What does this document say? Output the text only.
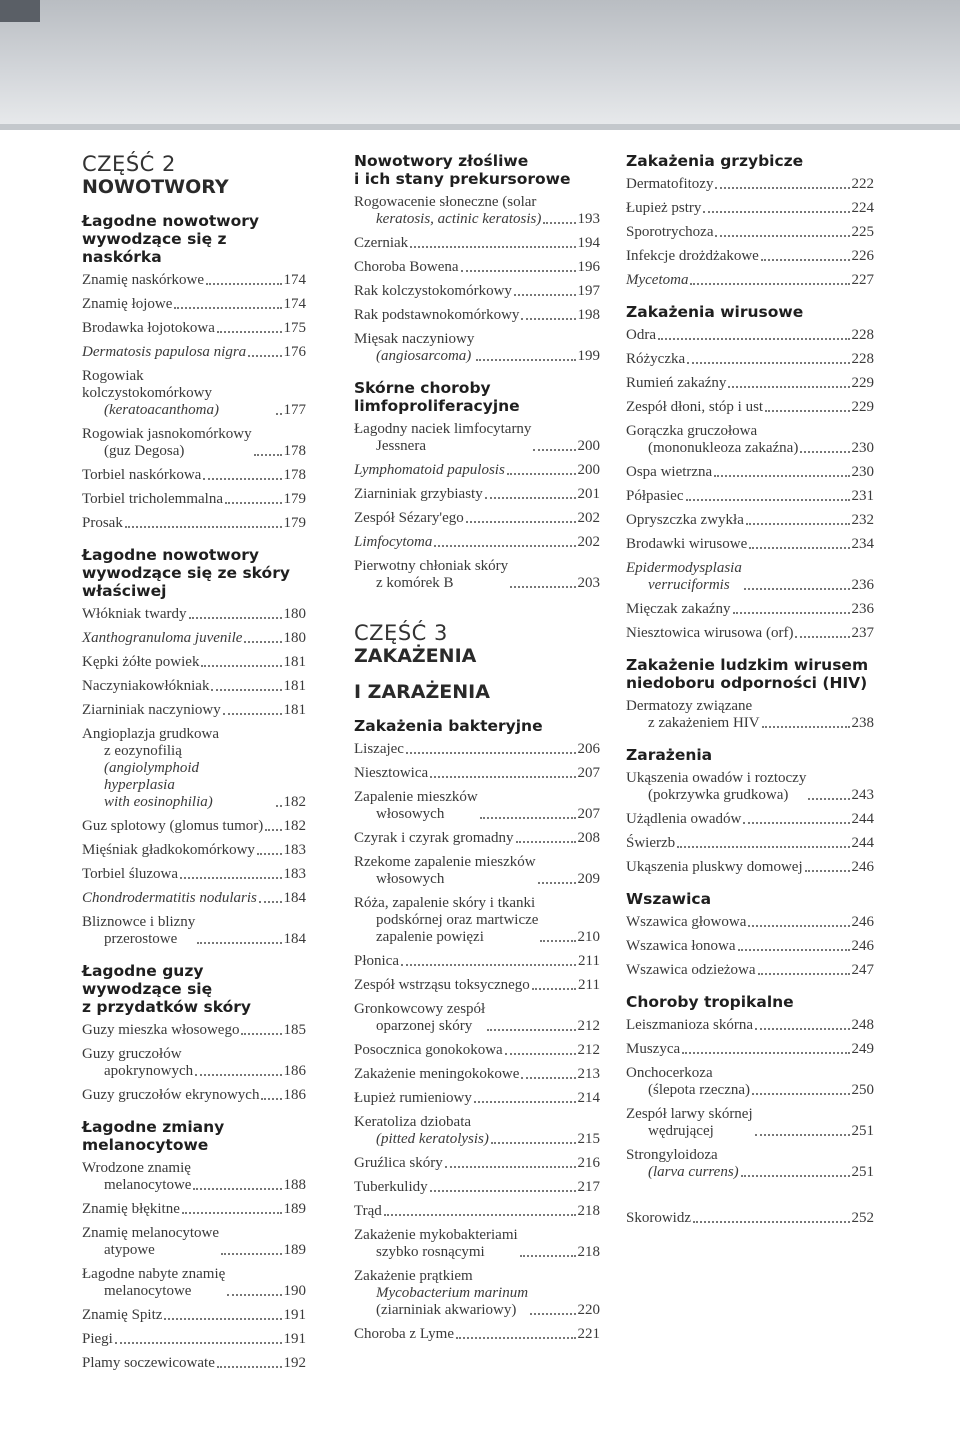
CZĘŚĆ 2
NOWOTWORY
Łagodne nowotwory
wywodzące się z naskórka
Znamię naskórkowe	174
Znamię łojowe	174
Brodawka łojotokowa	175
Dermatosis papulosa nigra 176
Rogowiak kolczystokomórkowy
(keratoacanthoma)	177
Rogowiak jasnokomórkowy
(guz Degosa)	178
Torbiel naskórkowa	178
Torbiel tricholemmalna	179
Prosak	179
Łagodne nowotwory
wywodzące się ze skóry
właściwej
Włókniak twardy	180
Xanthogranuloma juvenile	180
Kępki żółte powiek	181
Naczyniakowłókniak	181
Ziarniniak naczyniowy	181
Angioplazja grudkowa
z eozynofilią
(angiolymphoid hyperplasia
with eosinophilia)	182
Guz splotowy (glomus tumor) 182
Mięśniak gładkokomórkowy 183
Torbiel śluzowa	183
Chondrodermatitis nodularis 184
Bliznowce i blizny
przerostowe	184
Łagodne guzy
wywodzące się
z przydatków skóry
Guzy mieszka włosowego	185
Guzy gruczołów
apokrynowych	186
Guzy gruczołów ekrynowych 186
Łagodne zmiany
melanocytowe
Wrodzone znamię
melanocytowe	188
Znamię błękitne	189
Znamię melanocytowe
atypowe	189
Łagodne nabyte znamię
melanocytowe	190
Znamię Spitz	191
Piegi	191
Plamy soczewicowate	192
Nowotwory złośliwe
i ich stany prekursorowe
Rogowacenie słoneczne (solar
keratosis, actinic keratosis) 193
Czerniak	194
Choroba Bowena	196
Rak kolczystokomórkowy	197
Rak podstawnokomórkowy	198
Mięsak naczyniowy
(angiosarcoma)	199
Skórne choroby
limfoproliferacyjne
Łagodny naciek limfocytarny
Jessnera	200
Lymphomatoid papulosis	200
Ziarniniak grzybiasty	201
Zespół Sézary'ego	202
Limfocytoma	202
Pierwotny chłoniak skóry
z komórek B	203
CZĘŚĆ 3
ZAKAŻENIA
I ZARAŻENIA
Zakażenia bakteryjne
Liszajec	206
Niesztowica	207
Zapalenie mieszków
włosowych	207
Czyrak i czyrak gromadny	208
Rzekome zapalenie mieszków
włosowych	209
Róża, zapalenie skóry i tkanki
podskórnej oraz martwicze
zapalenie powięzi	210
Płonica	211
Zespół wstrząsu toksycznego	211
Gronkowcowy zespół
oparzonej skóry	212
Posocznica gonokokowa	212
Zakażenie meningokokowe	213
Łupież rumieniowy	214
Keratoliza dziobata
(pitted keratolysis)	215
Gruźlica skóry	216
Tuberkulidy	217
Trąd	218
Zakażenie mykobakteriami
szybko rosnącymi	218
Zakażenie prątkiem
Mycobacterium marinum
(ziarniniak akwariowy)	220
Choroba z Lyme	221
Zakażenia grzybicze
Dermatofitozy	222
Łupież pstry	224
Sporotrychoza	225
Infekcje drożdżakowe	226
Mycetoma	227
Zakażenia wirusowe
Odra	228
Różyczka	228
Rumień zakaźny	229
Zespół dłoni, stóp i ust	229
Gorączka gruczołowa
(mononukleoza zakaźna)	230
Ospa wietrzna	230
Półpasiec	231
Opryszczka zwykła	232
Brodawki wirusowe	234
Epidermodysplasia
verruciformis	236
Mięczak zakaźny	236
Niesztowica wirusowa (orf)	237
Zakażenie ludzkim wirusem
niedoboru odporności (HIV)
Dermatozy związane
z zakażeniem HIV	238
Zarażenia
Ukąszenia owadów i roztoczy
(pokrzywka grudkowa)	243
Użądlenia owadów	244
Świerzb	244
Ukąszenia pluskwy domowej	246
Wszawica
Wszawica głowowa	246
Wszawica łonowa	246
Wszawica odzieżowa	247
Choroby tropikalne
Leiszmanioza skórna	248
Muszyca	249
Onchocerkoza
(ślepota rzeczna)	250
Zespół larwy skórnej
wędrującej	251
Strongyloidoza
(larva currens)	251
Skorowidz	252
